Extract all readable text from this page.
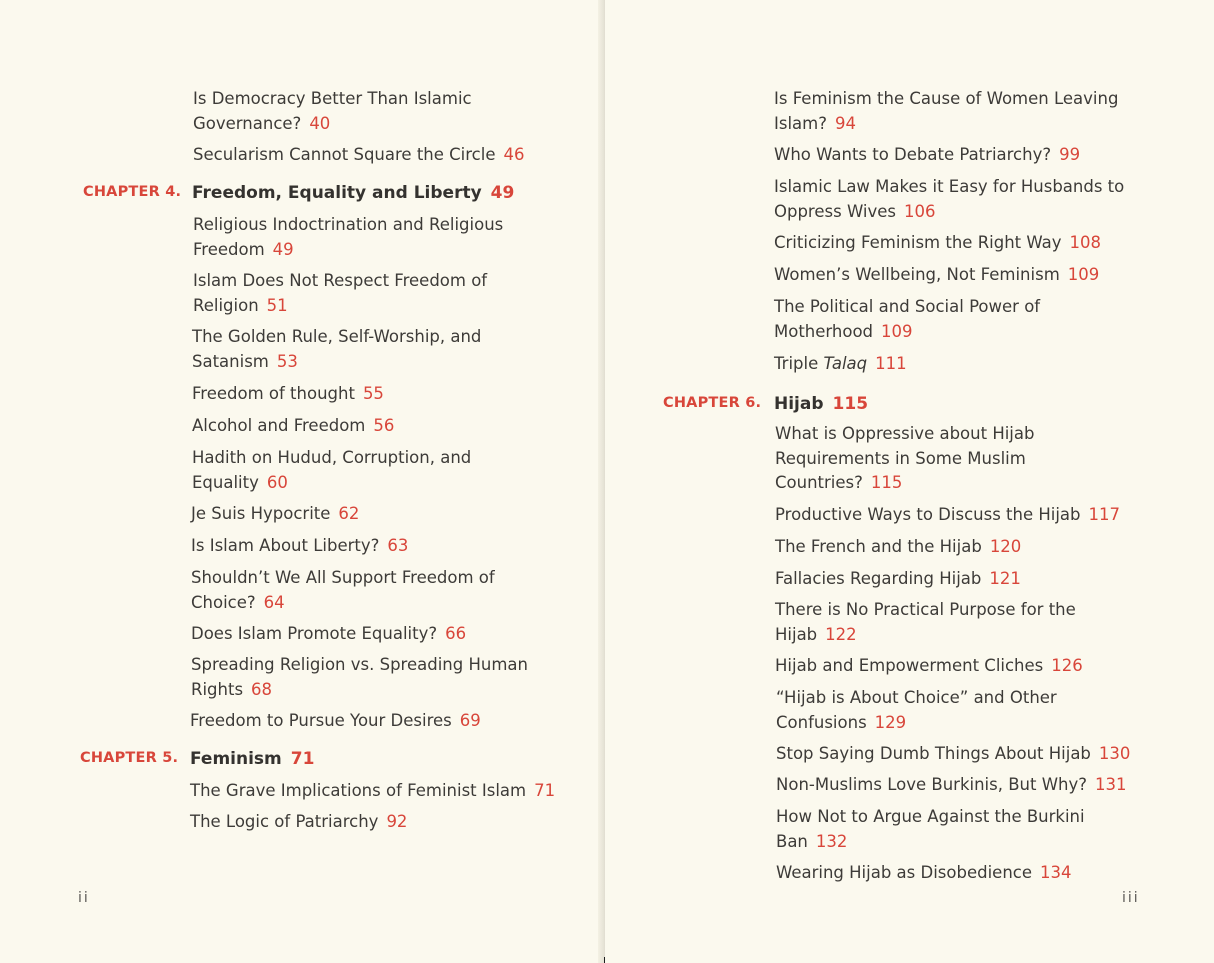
Is Democracy Better Than Islamic Governance? 40
Secularism Cannot Square the Circle 46
CHAPTER 4. Freedom, Equality and Liberty 49
Religious Indoctrination and Religious Freedom 49
Islam Does Not Respect Freedom of Religion 51
The Golden Rule, Self-Worship, and Satanism 53
Freedom of thought 55
Alcohol and Freedom 56
Hadith on Hudud, Corruption, and Equality 60
Je Suis Hypocrite 62
Is Islam About Liberty? 63
Shouldn’t We All Support Freedom of Choice? 64
Does Islam Promote Equality? 66
Spreading Religion vs. Spreading Human Rights 68
Freedom to Pursue Your Desires 69
CHAPTER 5. Feminism 71
The Grave Implications of Feminist Islam 71
The Logic of Patriarchy 92
ii
Is Feminism the Cause of Women Leaving Islam? 94
Who Wants to Debate Patriarchy? 99
Islamic Law Makes it Easy for Husbands to Oppress Wives 106
Criticizing Feminism the Right Way 108
Women’s Wellbeing, Not Feminism 109
The Political and Social Power of Motherhood 109
Triple Talaq 111
CHAPTER 6. Hijab 115
What is Oppressive about Hijab Requirements in Some Muslim Countries? 115
Productive Ways to Discuss the Hijab 117
The French and the Hijab 120
Fallacies Regarding Hijab 121
There is No Practical Purpose for the Hijab 122
Hijab and Empowerment Cliches 126
“Hijab is About Choice” and Other Confusions 129
Stop Saying Dumb Things About Hijab 130
Non-Muslims Love Burkinis, But Why? 131
How Not to Argue Against the Burkini Ban 132
Wearing Hijab as Disobedience 134
iii
